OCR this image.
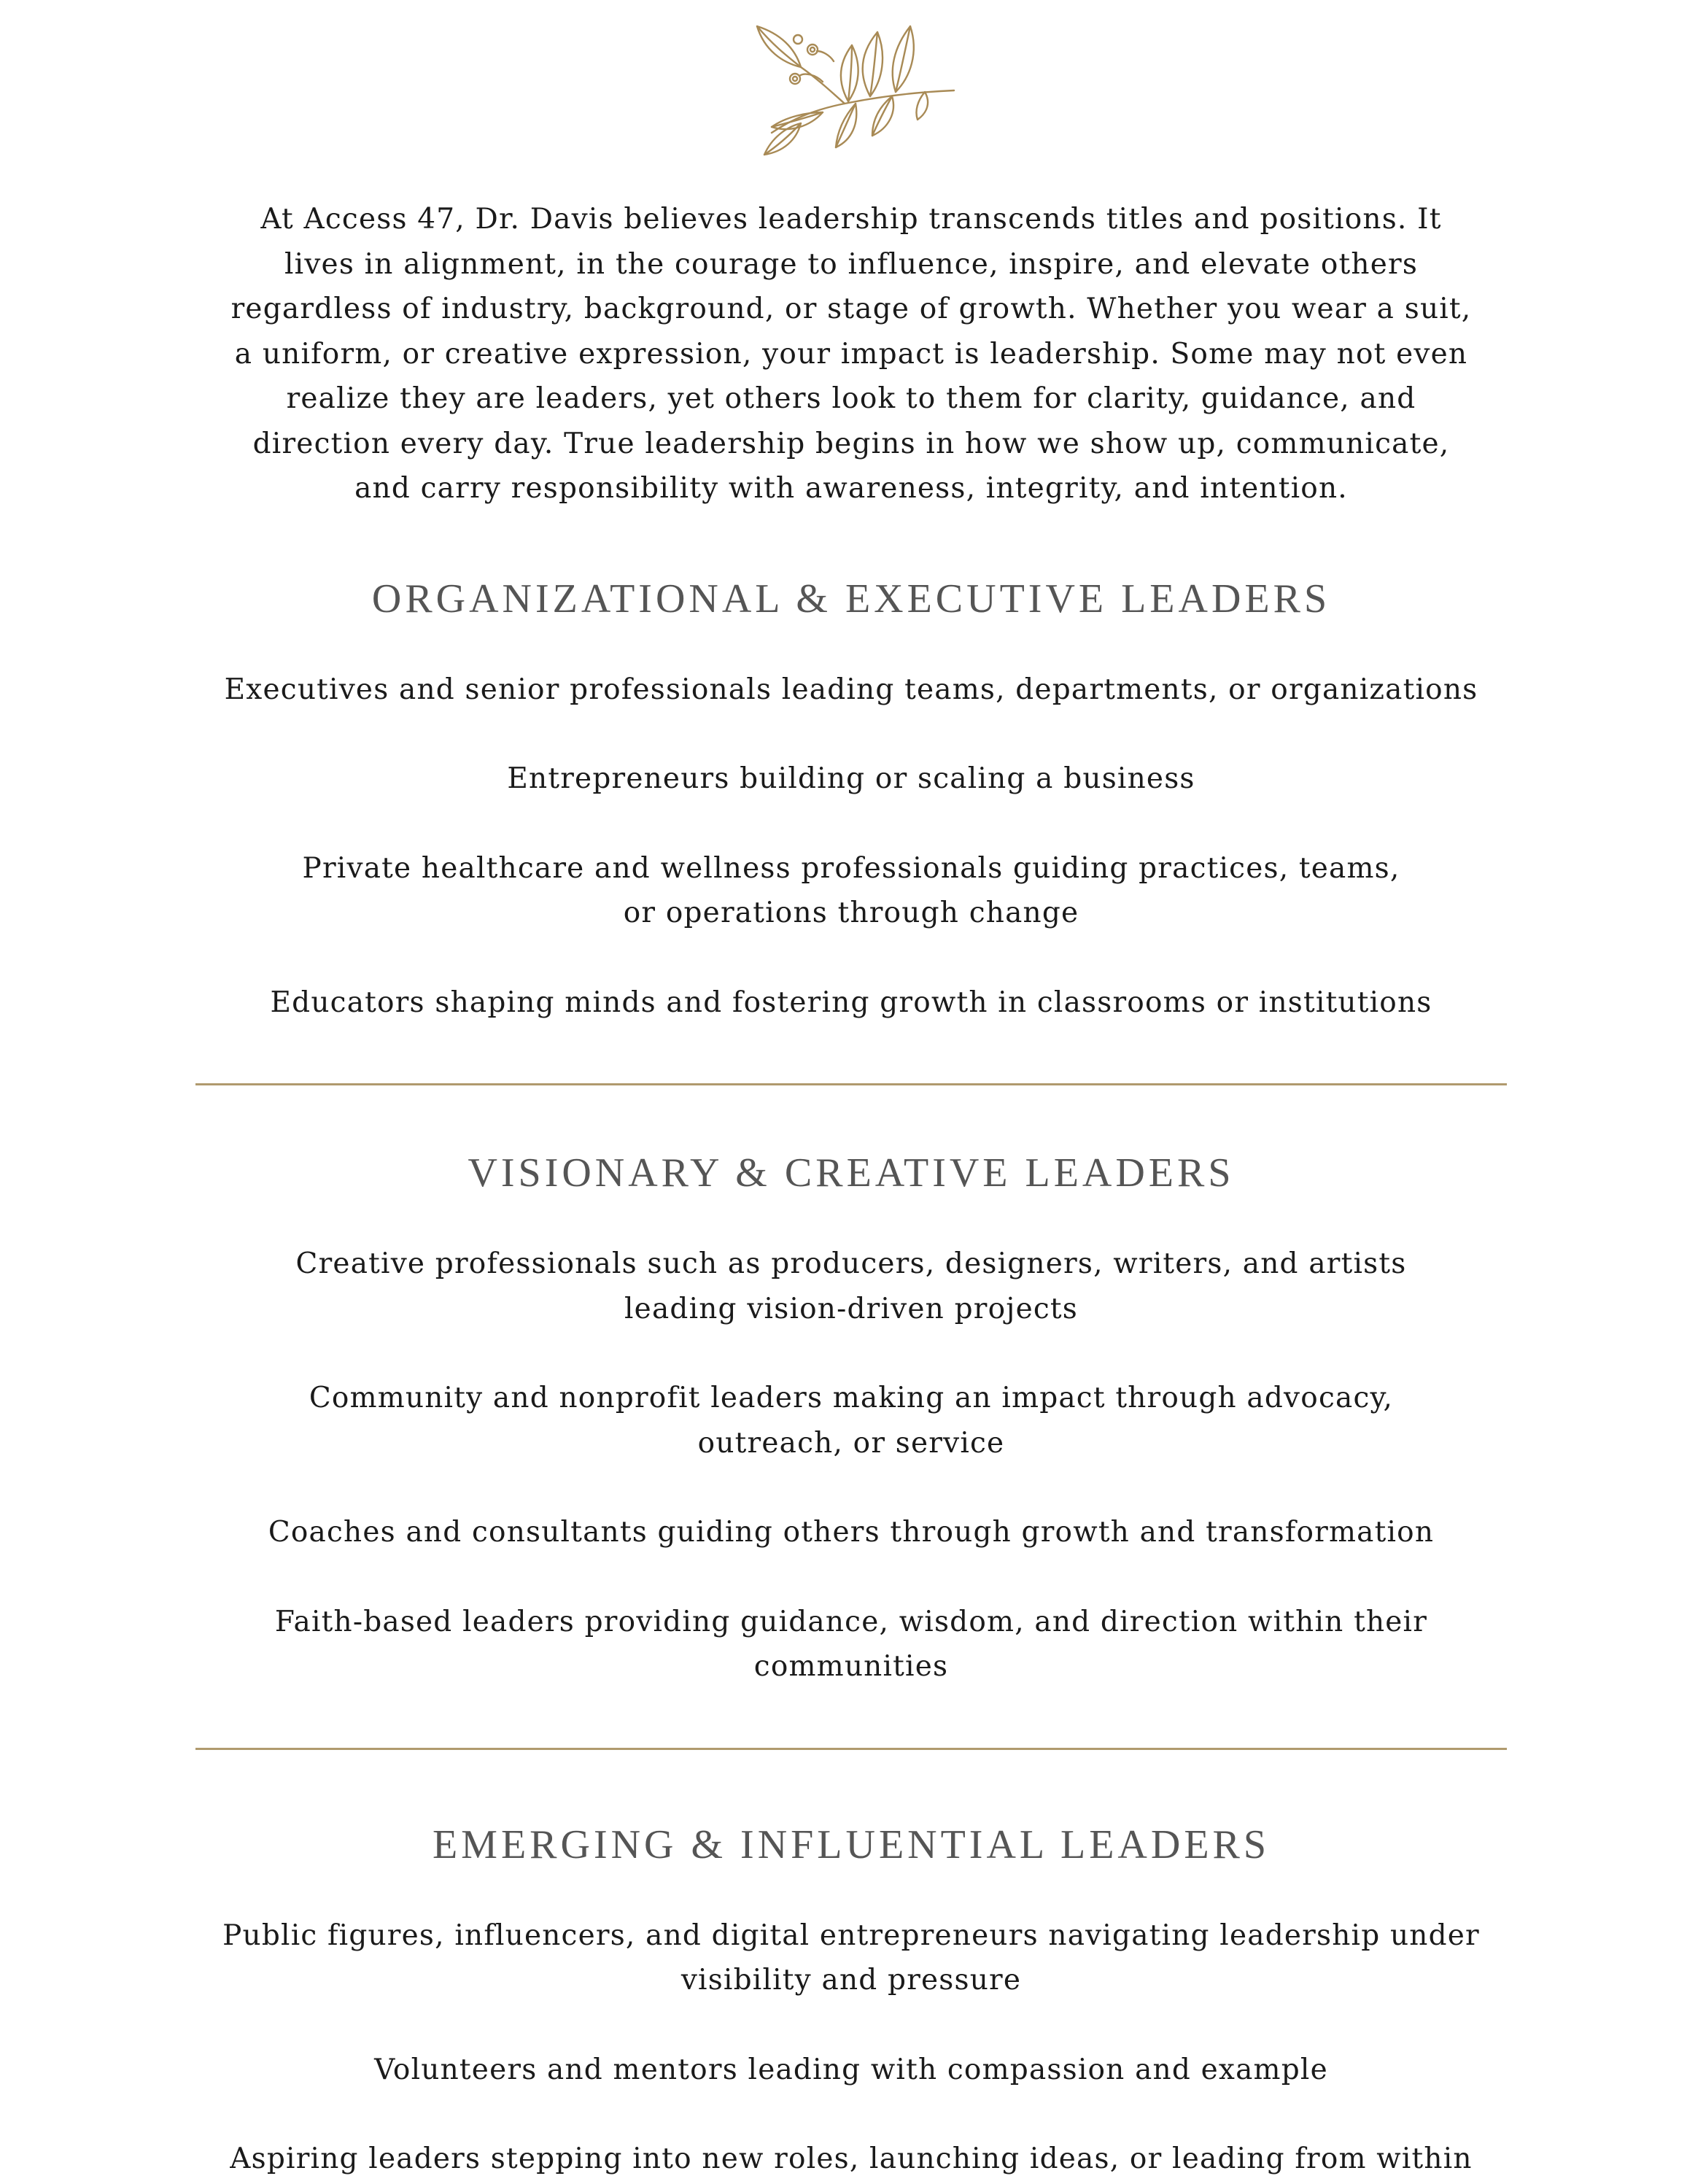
At Access 47, Dr. Davis believes leadership transcends titles and positions. It lives in alignment, in the courage to influence, inspire, and elevate others regardless of industry, background, or stage of growth. Whether you wear a suit, a uniform, or creative expression, your impact is leadership. Some may not even realize they are leaders, yet others look to them for clarity, guidance, and direction every day. True leadership begins in how we show up, communicate, and carry responsibility with awareness, integrity, and intention.

ORGANIZATIONAL & EXECUTIVE LEADERS

Executives and senior professionals leading teams, departments, or organizations

Entrepreneurs building or scaling a business

Private healthcare and wellness professionals guiding practices, teams, or operations through change

Educators shaping minds and fostering growth in classrooms or institutions

VISIONARY & CREATIVE LEADERS

Creative professionals such as producers, designers, writers, and artists leading vision-driven projects

Community and nonprofit leaders making an impact through advocacy, outreach, or service

Coaches and consultants guiding others through growth and transformation

Faith-based leaders providing guidance, wisdom, and direction within their communities

EMERGING & INFLUENTIAL LEADERS

Public figures, influencers, and digital entrepreneurs navigating leadership under visibility and pressure

Volunteers and mentors leading with compassion and example

Aspiring leaders stepping into new roles, launching ideas, or leading from within
